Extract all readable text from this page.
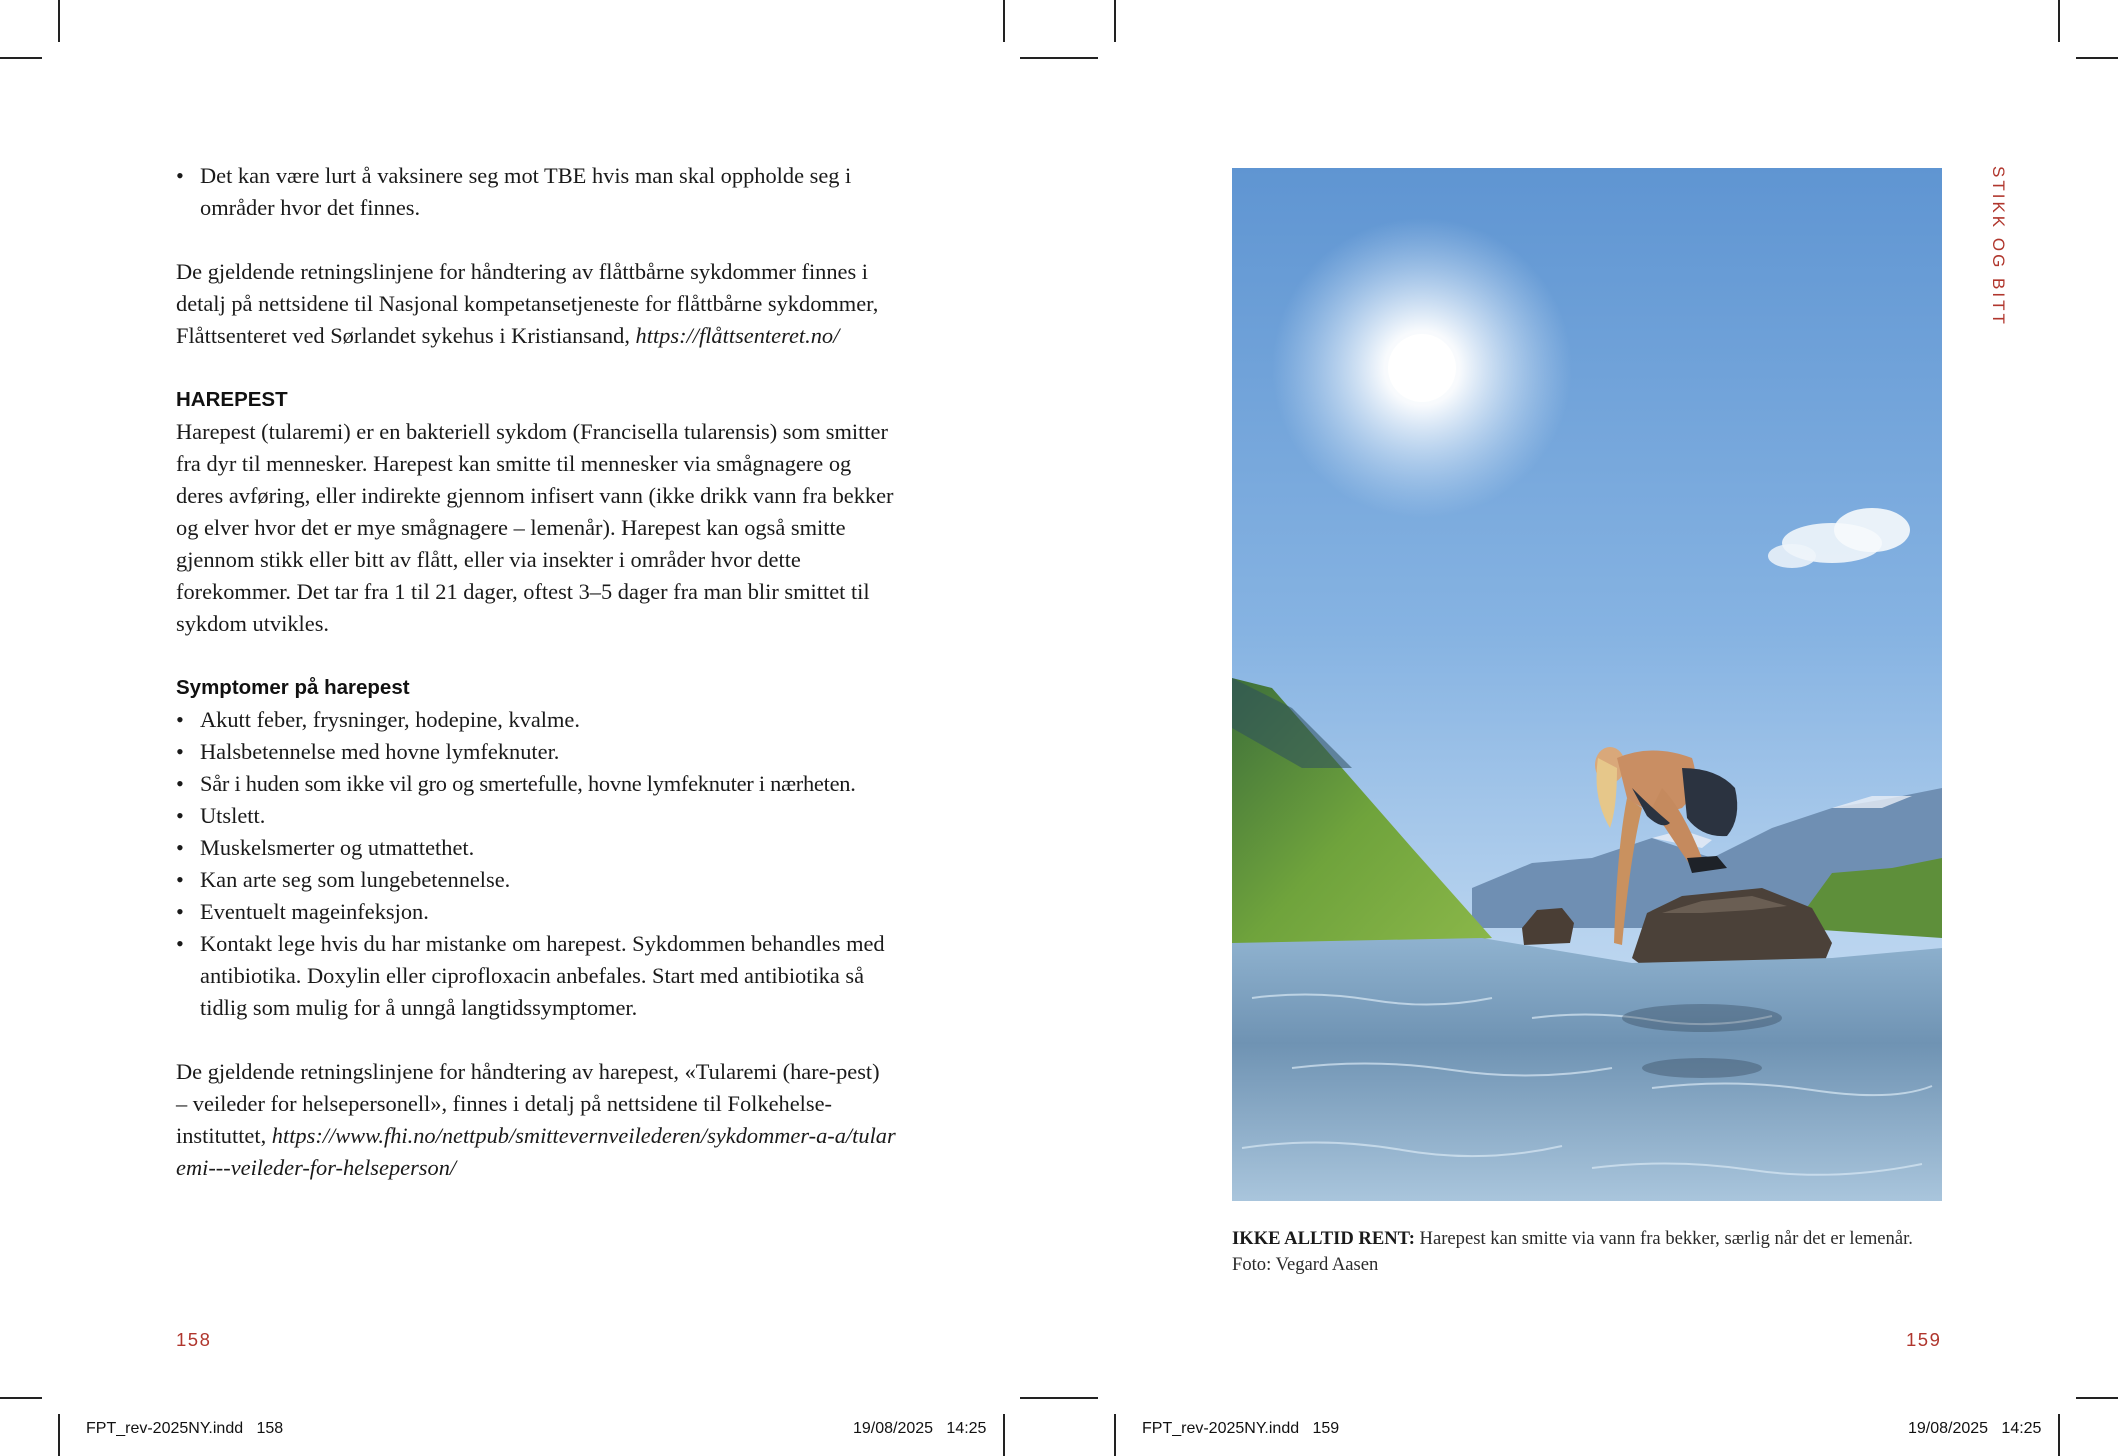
• Det kan være lurt å vaksinere seg mot TBE hvis man skal oppholde seg i områder hvor det finnes.

De gjeldende retningslinjene for håndtering av flåttbårne sykdommer finnes i detalj på nettsidene til Nasjonal kompetansetjeneste for flåttbårne sykdommer, Flåttsenteret ved Sørlandet sykehus i Kristiansand, https://flåttsenteret.no/

HAREPEST

Harepest (tularemi) er en bakteriell sykdom (Francisella tularensis) som smitter fra dyr til mennesker. Harepest kan smitte til mennesker via smågnagere og deres avføring, eller indirekte gjennom infisert vann (ikke drikk vann fra bekker og elver hvor det er mye smågnagere – lemenår). Harepest kan også smitte gjennom stikk eller bitt av flått, eller via insekter i områder hvor dette forekommer. Det tar fra 1 til 21 dager, oftest 3–5 dager fra man blir smittet til sykdom utvikles.

Symptomer på harepest
• Akutt feber, frysninger, hodepine, kvalme.
• Halsbetennelse med hovne lymfeknuter.
• Sår i huden som ikke vil gro og smertefulle, hovne lymfeknuter i nærheten.
• Utslett.
• Muskelsmerter og utmattethet.
• Kan arte seg som lungebetennelse.
• Eventuelt mageinfeksjon.
• Kontakt lege hvis du har mistanke om harepest. Sykdommen behandles med antibiotika. Doxylin eller ciprofloxacin anbefales. Start med antibiotika så tidlig som mulig for å unngå langtidssymptomer.

De gjeldende retningslinjene for håndtering av harepest, «Tularemi (hare-pest) – veileder for helsepersonell», finnes i detalj på nettsidene til Folkehelse-instituttet, https://www.fhi.no/nettpub/smittevernveilederen/sykdommer-a-a/tularemi---veileder-for-helseperson/

158
STIKK OG BITT
IKKE ALLTID RENT: Harepest kan smitte via vann fra bekker, særlig når det er lemenår.
Foto: Vegard Aasen
159
FPT_rev-2025NY.indd   158	19/08/2025   14:25	FPT_rev-2025NY.indd   159	19/08/2025   14:25
